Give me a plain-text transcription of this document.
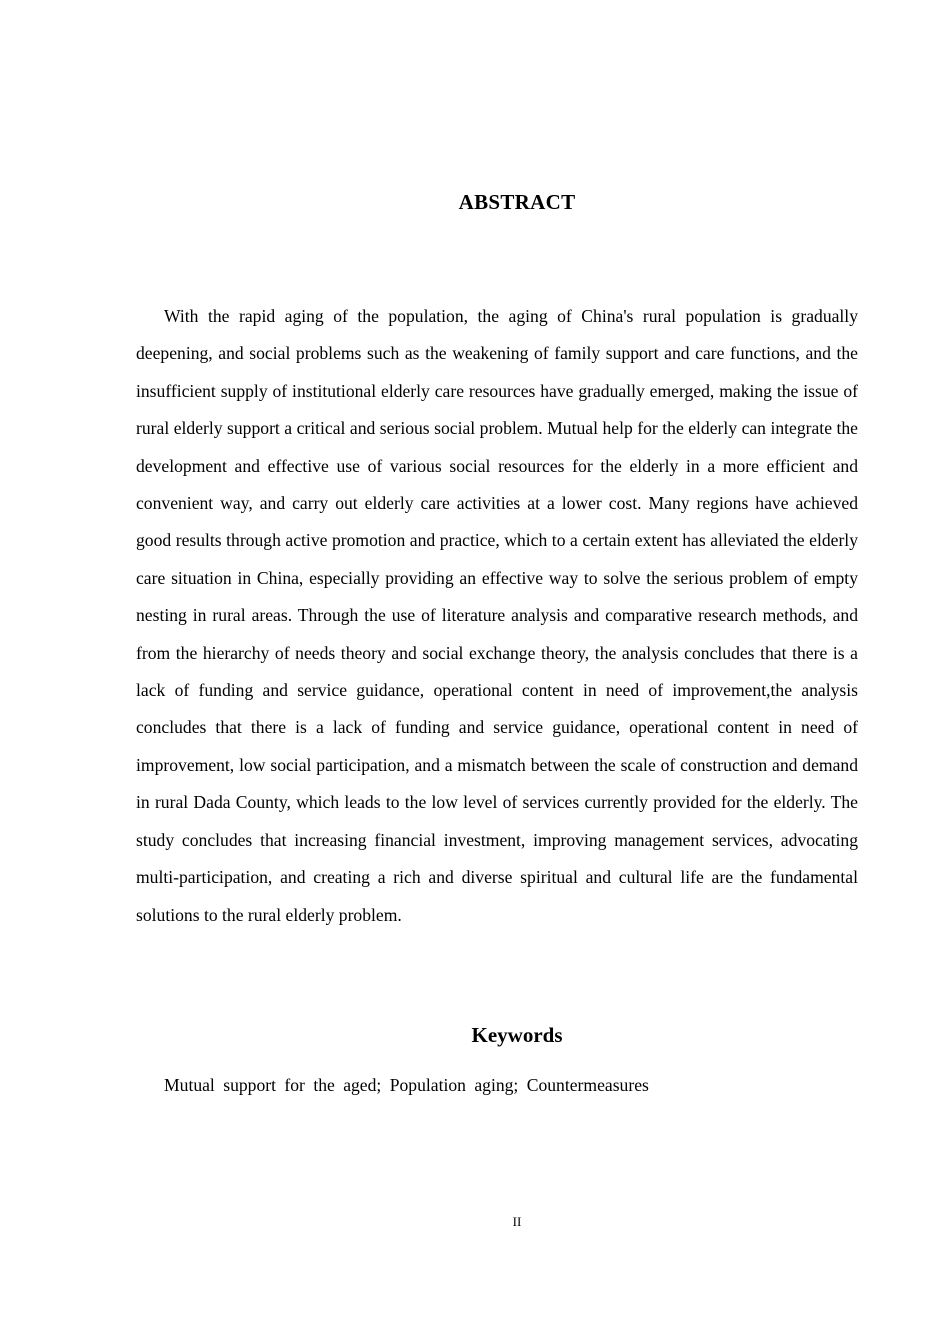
ABSTRACT

With the rapid aging of the population, the aging of China's rural population is gradually deepening, and social problems such as the weakening of family support and care functions, and the insufficient supply of institutional elderly care resources have gradually emerged, making the issue of rural elderly support a critical and serious social problem. Mutual help for the elderly can integrate the development and effective use of various social resources for the elderly in a more efficient and convenient way, and carry out elderly care activities at a lower cost. Many regions have achieved good results through active promotion and practice, which to a certain extent has alleviated the elderly care situation in China, especially providing an effective way to solve the serious problem of empty nesting in rural areas. Through the use of literature analysis and comparative research methods, and from the hierarchy of needs theory and social exchange theory, the analysis concludes that there is a lack of funding and service guidance, operational content in need of improvement,the analysis concludes that there is a lack of funding and service guidance, operational content in need of improvement, low social participation, and a mismatch between the scale of construction and demand in rural Dada County, which leads to the low level of services currently provided for the elderly. The study concludes that increasing financial investment, improving management services, advocating multi-participation, and creating a rich and diverse spiritual and cultural life are the fundamental solutions to the rural elderly problem.

Keywords
Mutual support for the aged; Population aging; Countermeasures
II
